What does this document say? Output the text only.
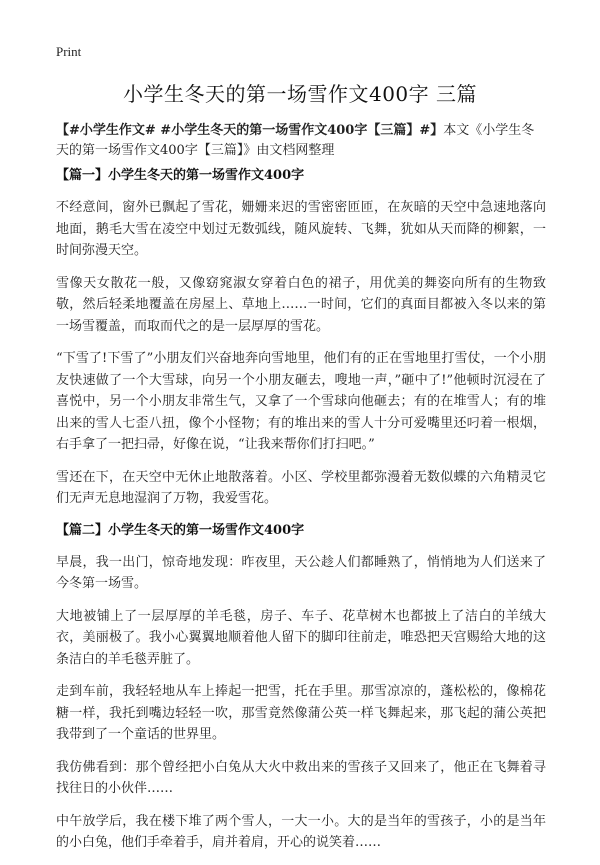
Print
小学生冬天的第一场雪作文400字 三篇
【#小学生作文# #小学生冬天的第一场雪作文400字【三篇】#】本文《小学生冬天的第一场雪作文400字【三篇】》由文档网整理
【篇一】小学生冬天的第一场雪作文400字

不经意间，窗外已飘起了雪花，姗姗来迟的雪密密匝匝，在灰暗的天空中急速地落向地面，鹅毛大雪在凌空中划过无数弧线，随风旋转、飞舞，犹如从天而降的柳絮，一时间弥漫天空。

雪像天女散花一般，又像窈窕淑女穿着白色的裙子，用优美的舞姿向所有的生物致敬，然后轻柔地覆盖在房屋上、草地上……一时间，它们的真面目都被入冬以来的第一场雪覆盖，而取而代之的是一层厚厚的雪花。

“下雪了!下雪了”小朋友们兴奋地奔向雪地里，他们有的正在雪地里打雪仗，一个小朋友快速做了一个大雪球，向另一个小朋友砸去，嗖地一声，”砸中了!”他顿时沉浸在了喜悦中，另一个小朋友非常生气，又拿了一个雪球向他砸去；有的在堆雪人；有的堆出来的雪人七歪八扭，像个小怪物；有的堆出来的雪人十分可爱嘴里还叼着一根烟，右手拿了一把扫帚，好像在说，“让我来帮你们打扫吧。”

雪还在下，在天空中无休止地散落着。小区、学校里都弥漫着无数似蝶的六角精灵它们无声无息地湿润了万物，我爱雪花。

【篇二】小学生冬天的第一场雪作文400字

早晨，我一出门，惊奇地发现：昨夜里，天公趁人们都睡熟了，悄悄地为人们送来了今冬第一场雪。

大地被铺上了一层厚厚的羊毛毯，房子、车子、花草树木也都披上了洁白的羊绒大衣，美丽极了。我小心翼翼地顺着他人留下的脚印往前走，唯恐把天宫赐给大地的这条洁白的羊毛毯弄脏了。

走到车前，我轻轻地从车上捧起一把雪，托在手里。那雪凉凉的，蓬松松的，像棉花糖一样，我托到嘴边轻轻一吹，那雪竟然像蒲公英一样飞舞起来，那飞起的蒲公英把我带到了一个童话的世界里。

我仿佛看到：那个曾经把小白兔从大火中救出来的雪孩子又回来了，他正在飞舞着寻找往日的小伙伴……

中午放学后，我在楼下堆了两个雪人，一大一小。大的是当年的雪孩子，小的是当年的小白兔，他们手牵着手，肩并着肩，开心的说笑着……
